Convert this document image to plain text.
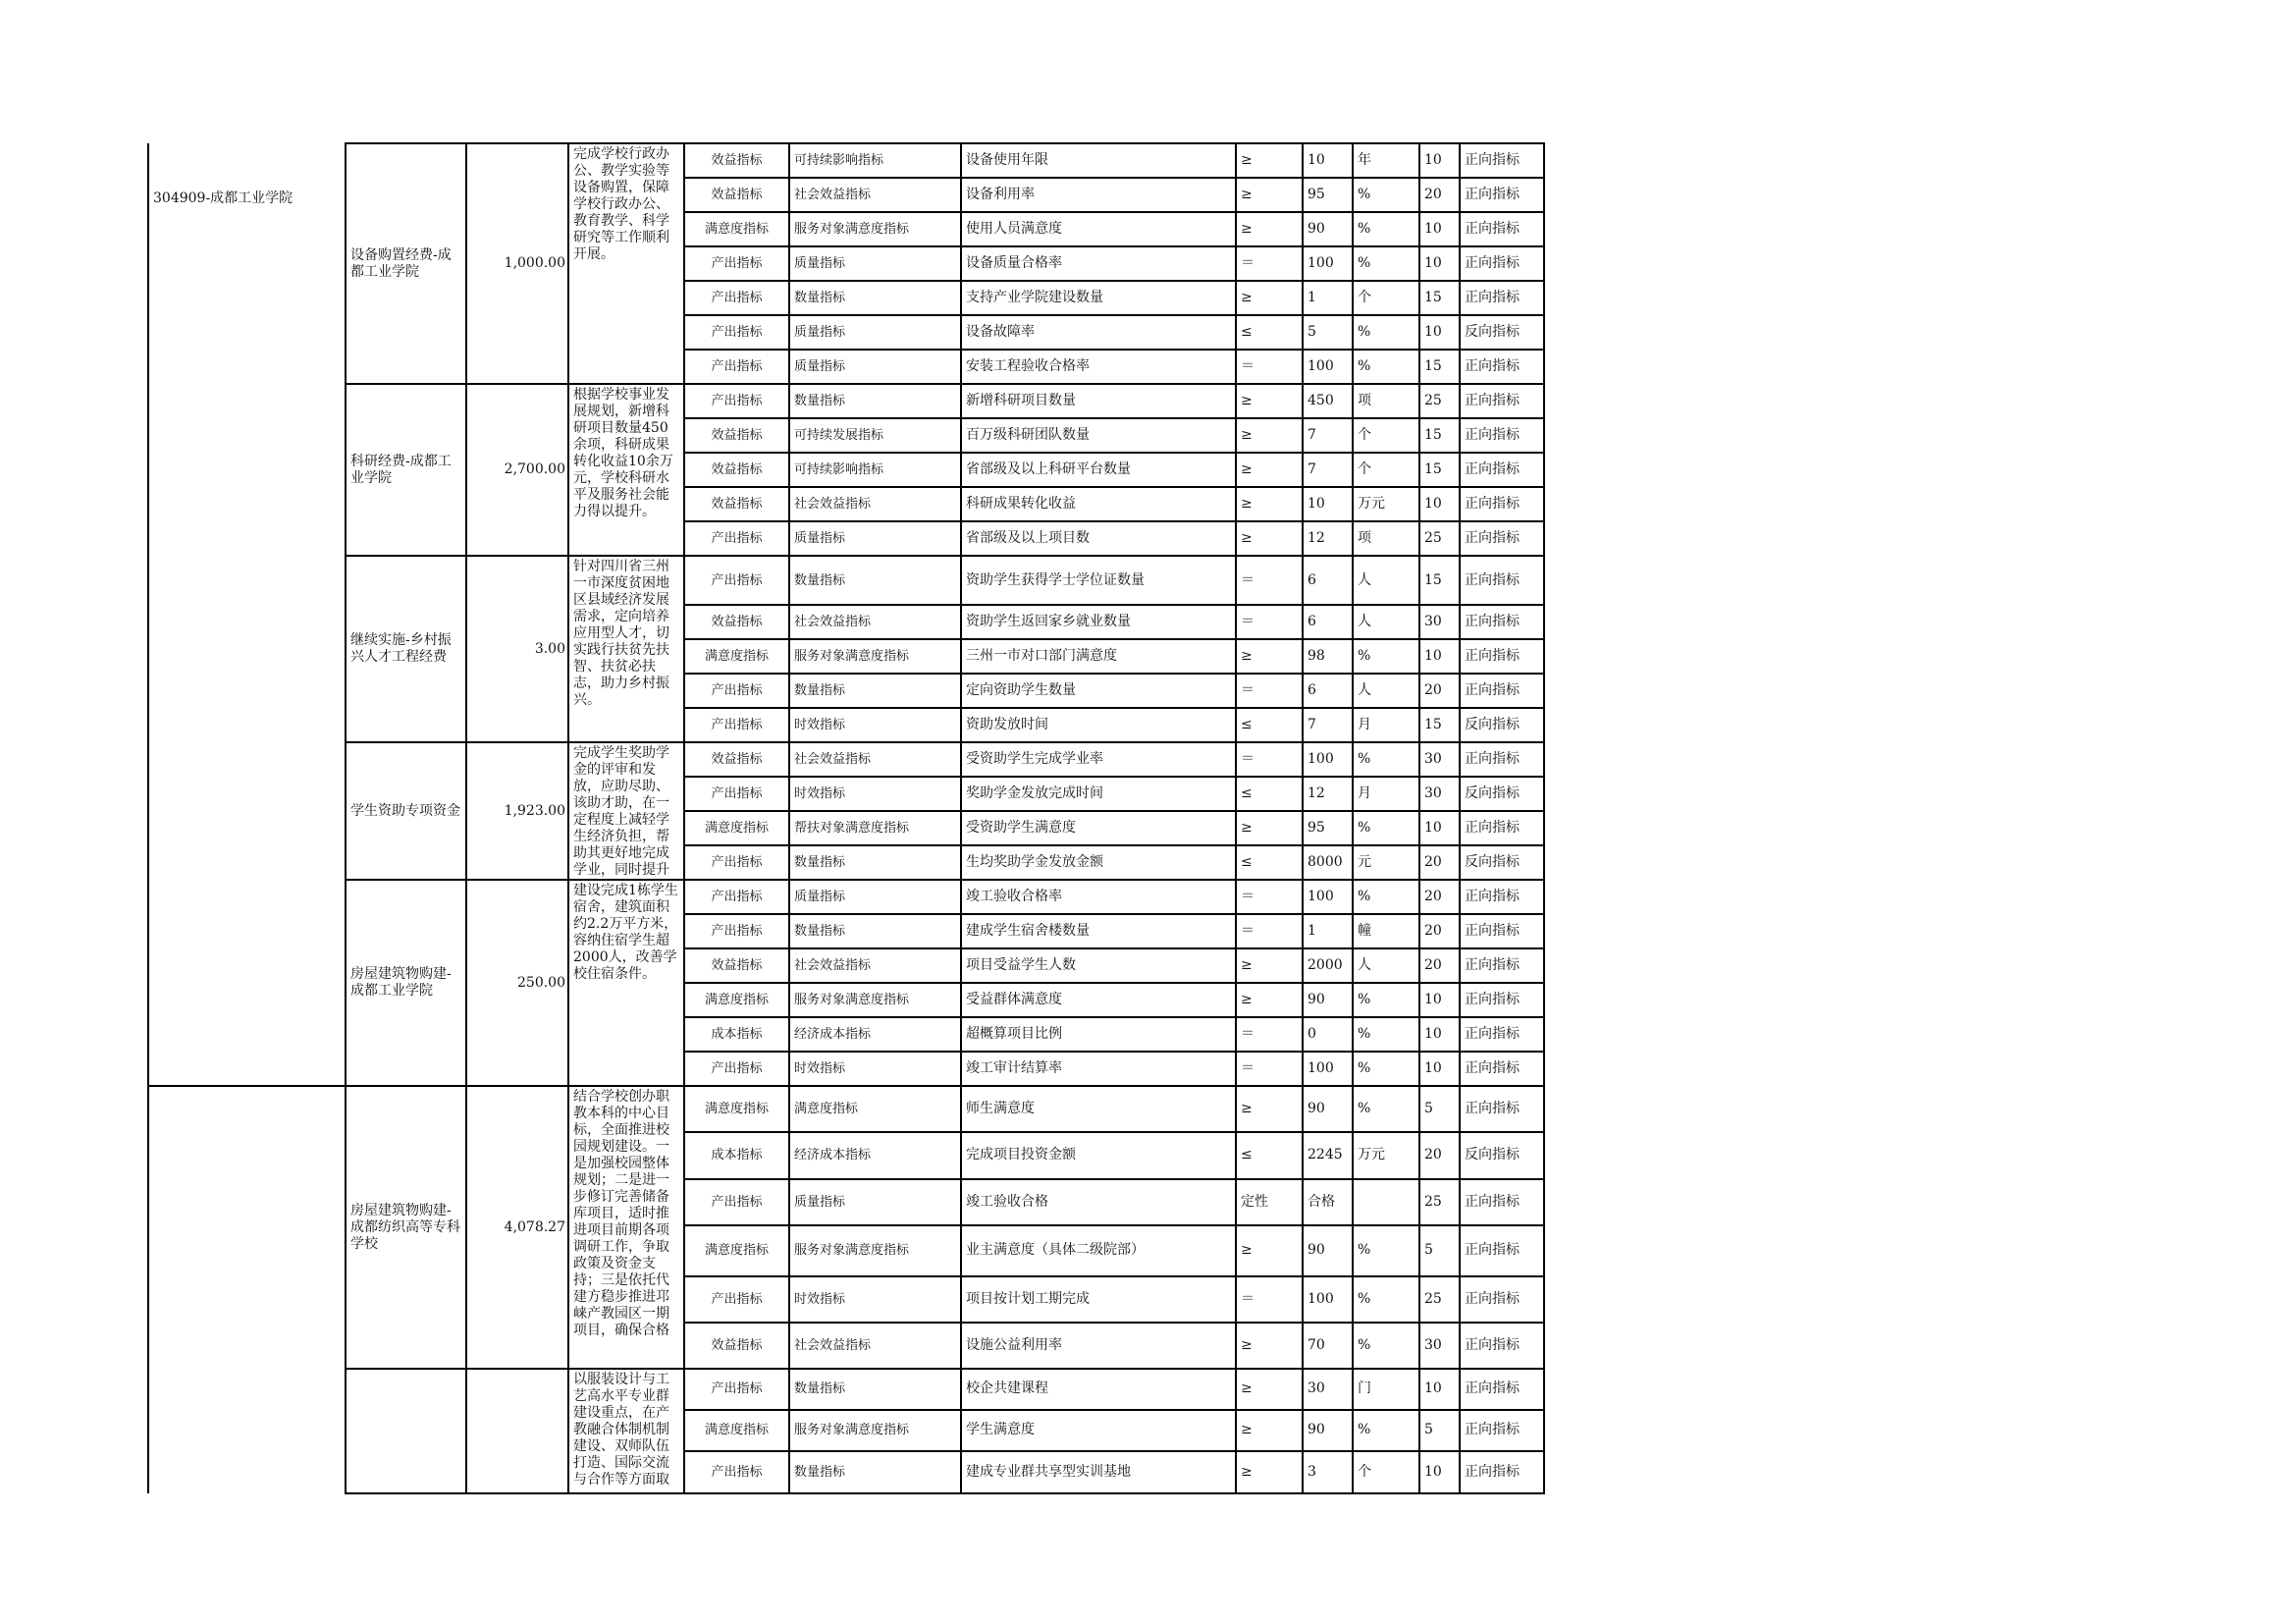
304909-成都工业学院	设备购置经费-成都工业学院	1,000.00	完成学校行政办公、教学实验等设备购置，保障学校行政办公、教育教学、科学研究等工作顺利开展。	效益指标	可持续影响指标	设备使用年限	≥	10	年	10	正向指标
				效益指标	社会效益指标	设备利用率	≥	95	%	20	正向指标
				满意度指标	服务对象满意度指标	使用人员满意度	≥	90	%	10	正向指标
				产出指标	质量指标	设备质量合格率	＝	100	%	10	正向指标
				产出指标	数量指标	支持产业学院建设数量	≥	1	个	15	正向指标
				产出指标	质量指标	设备故障率	≤	5	%	10	反向指标
				产出指标	质量指标	安装工程验收合格率	＝	100	%	15	正向指标
	科研经费-成都工业学院	2,700.00	根据学校事业发展规划，新增科研项目数量450余项，科研成果转化收益10余万元，学校科研水平及服务社会能力得以提升。	产出指标	数量指标	新增科研项目数量	≥	450	项	25	正向指标
				效益指标	可持续发展指标	百万级科研团队数量	≥	7	个	15	正向指标
				效益指标	可持续影响指标	省部级及以上科研平台数量	≥	7	个	15	正向指标
				效益指标	社会效益指标	科研成果转化收益	≥	10	万元	10	正向指标
				产出指标	质量指标	省部级及以上项目数	≥	12	项	25	正向指标
	继续实施-乡村振兴人才工程经费	3.00	针对四川省三州一市深度贫困地区县域经济发展需求，定向培养应用型人才，切实践行扶贫先扶智、扶贫必扶志，助力乡村振兴。	产出指标	数量指标	资助学生获得学士学位证数量	＝	6	人	15	正向指标
				效益指标	社会效益指标	资助学生返回家乡就业数量	＝	6	人	30	正向指标
				满意度指标	服务对象满意度指标	三州一市对口部门满意度	≥	98	%	10	正向指标
				产出指标	数量指标	定向资助学生数量	＝	6	人	20	正向指标
				产出指标	时效指标	资助发放时间	≤	7	月	15	反向指标
	学生资助专项资金	1,923.00	完成学生奖助学金的评审和发放，应助尽助、该助才助，在一定程度上减轻学生经济负担，帮助其更好地完成学业，同时提升	效益指标	社会效益指标	受资助学生完成学业率	＝	100	%	30	正向指标
				产出指标	时效指标	奖助学金发放完成时间	≤	12	月	30	反向指标
				满意度指标	帮扶对象满意度指标	受资助学生满意度	≥	95	%	10	正向指标
				产出指标	数量指标	生均奖助学金发放金额	≤	8000	元	20	反向指标
	房屋建筑物购建-成都工业学院	250.00	建设完成1栋学生宿舍，建筑面积约2.2万平方米，容纳住宿学生超2000人，改善学校住宿条件。	产出指标	质量指标	竣工验收合格率	＝	100	%	20	正向指标
				产出指标	数量指标	建成学生宿舍楼数量	＝	1	幢	20	正向指标
				效益指标	社会效益指标	项目受益学生人数	≥	2000	人	20	正向指标
				满意度指标	服务对象满意度指标	受益群体满意度	≥	90	%	10	正向指标
				成本指标	经济成本指标	超概算项目比例	＝	0	%	10	正向指标
				产出指标	时效指标	竣工审计结算率	＝	100	%	10	正向指标
	房屋建筑物购建-成都纺织高等专科学校	4,078.27	结合学校创办职教本科的中心目标，全面推进校园规划建设。一是加强校园整体规划；二是进一步修订完善储备库项目，适时推进项目前期各项调研工作，争取政策及资金支持；三是依托代建方稳步推进邛崃产教园区一期项目，确保合格	满意度指标	满意度指标	师生满意度	≥	90	%	5	正向指标
				成本指标	经济成本指标	完成项目投资金额	≤	2245	万元	20	反向指标
				产出指标	质量指标	竣工验收合格	定性	合格		25	正向指标
				满意度指标	服务对象满意度指标	业主满意度（具体二级院部）	≥	90	%	5	正向指标
				产出指标	时效指标	项目按计划工期完成	＝	100	%	25	正向指标
				效益指标	社会效益指标	设施公益利用率	≥	70	%	30	正向指标

			以服装设计与工艺高水平专业群建设重点，在产教融合体制机制建设、双师队伍打造、国际交流与合作等方面取	产出指标	数量指标	校企共建课程	≥	30	门	10	正向指标
				满意度指标	服务对象满意度指标	学生满意度	≥	90	%	5	正向指标
				产出指标	数量指标	建成专业群共享型实训基地	≥	3	个	10	正向指标
